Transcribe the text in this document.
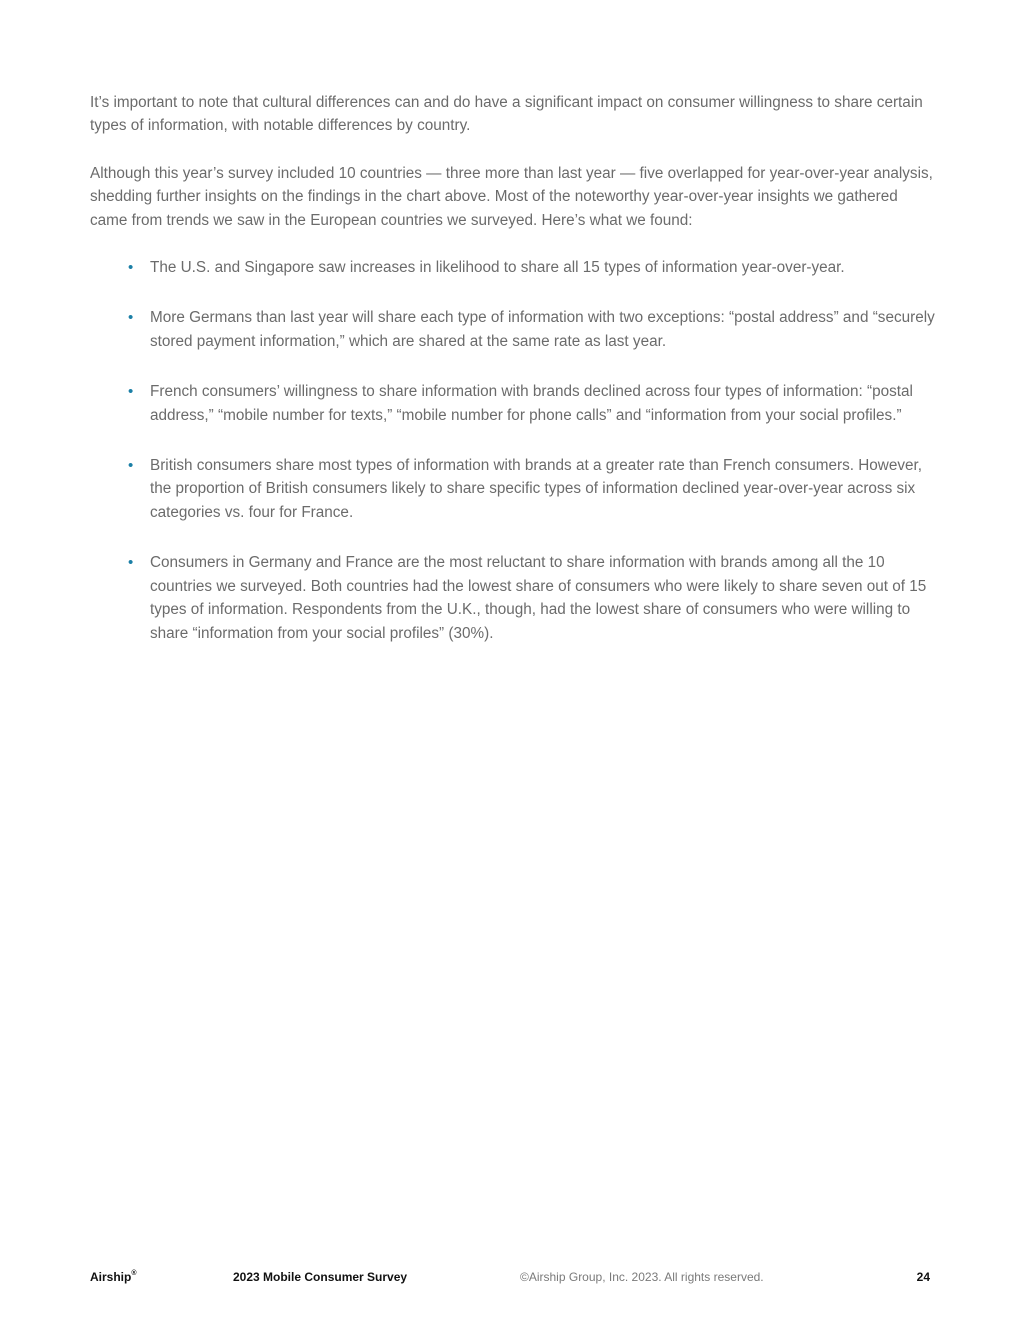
It’s important to note that cultural differences can and do have a significant impact on consumer willingness to share certain types of information, with notable differences by country.

Although this year’s survey included 10 countries — three more than last year — five overlapped for year-over-year analysis, shedding further insights on the findings in the chart above. Most of the noteworthy year-over-year insights we gathered came from trends we saw in the European countries we surveyed. Here’s what we found:

• The U.S. and Singapore saw increases in likelihood to share all 15 types of information year-over-year.
• More Germans than last year will share each type of information with two exceptions: “postal address” and “securely stored payment information,” which are shared at the same rate as last year.
• French consumers’ willingness to share information with brands declined across four types of information: “postal address,” “mobile number for texts,” “mobile number for phone calls” and “information from your social profiles.”
• British consumers share most types of information with brands at a greater rate than French consumers. However, the proportion of British consumers likely to share specific types of information declined year-over-year across six categories vs. four for France.
• Consumers in Germany and France are the most reluctant to share information with brands among all the 10 countries we surveyed. Both countries had the lowest share of consumers who were likely to share seven out of 15 types of information. Respondents from the U.K., though, had the lowest share of consumers who were willing to share “information from your social profiles” (30%).
Airship®	2023 Mobile Consumer Survey	©Airship Group, Inc. 2023. All rights reserved.	24
